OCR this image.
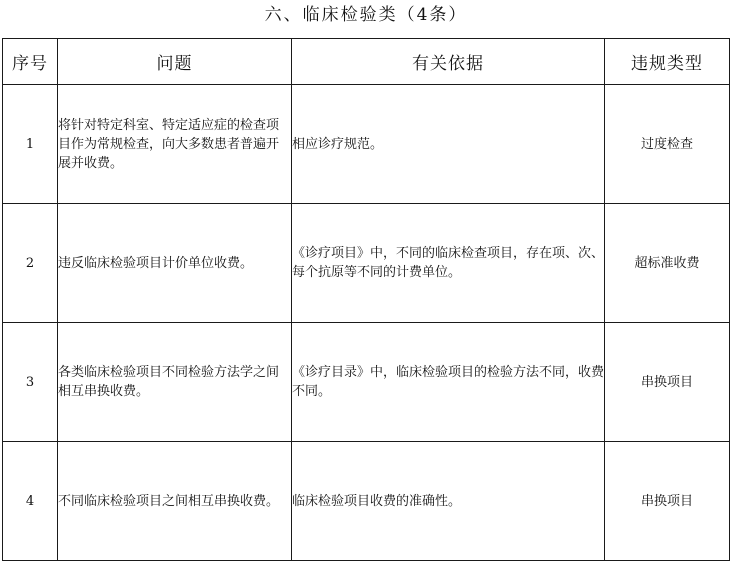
六、临床检验类（4条）
序号	问题	有关依据	违规类型
1	将针对特定科室、特定适应症的检查项目作为常规检查，向大多数患者普遍开展并收费。	相应诊疗规范。	过度检查
2	违反临床检验项目计价单位收费。	《诊疗项目》中，不同的临床检查项目，存在项、次、每个抗原等不同的计费单位。	超标准收费
3	各类临床检验项目不同检验方法学之间相互串换收费。	《诊疗目录》中，临床检验项目的检验方法不同，收费不同。	串换项目
4	不同临床检验项目之间相互串换收费。	临床检验项目收费的准确性。	串换项目
